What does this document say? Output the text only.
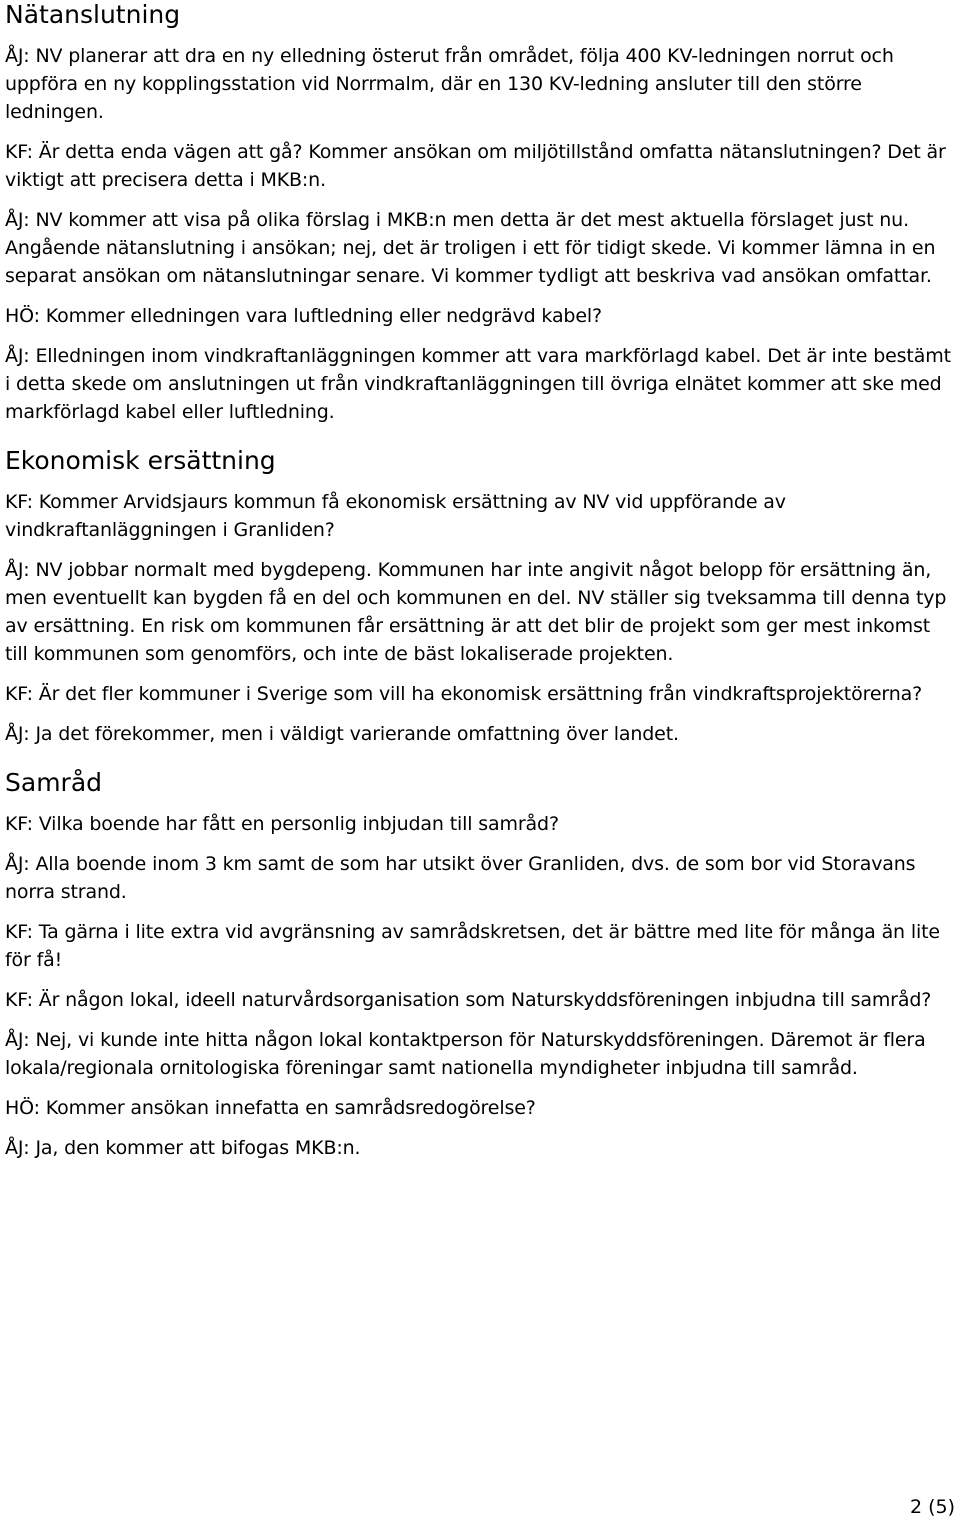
Nätanslutning

ÅJ: NV planerar att dra en ny elledning österut från området, följa 400 KV-ledningen norrut och uppföra en ny kopplingsstation vid Norrmalm, där en 130 KV-ledning ansluter till den större ledningen.

KF: Är detta enda vägen att gå? Kommer ansökan om miljötillstånd omfatta nätanslutningen? Det är viktigt att precisera detta i MKB:n.

ÅJ: NV kommer att visa på olika förslag i MKB:n men detta är det mest aktuella förslaget just nu. Angående nätanslutning i ansökan; nej, det är troligen i ett för tidigt skede. Vi kommer lämna in en separat ansökan om nätanslutningar senare. Vi kommer tydligt att beskriva vad ansökan omfattar.

HÖ: Kommer elledningen vara luftledning eller nedgrävd kabel?

ÅJ: Elledningen inom vindkraftanläggningen kommer att vara markförlagd kabel. Det är inte bestämt i detta skede om anslutningen ut från vindkraftanläggningen till övriga elnätet kommer att ske med markförlagd kabel eller luftledning.

Ekonomisk ersättning

KF: Kommer Arvidsjaurs kommun få ekonomisk ersättning av NV vid uppförande av vindkraftanläggningen i Granliden?

ÅJ: NV jobbar normalt med bygdepeng. Kommunen har inte angivit något belopp för ersättning än, men eventuellt kan bygden få en del och kommunen en del. NV ställer sig tveksamma till denna typ av ersättning. En risk om kommunen får ersättning är att det blir de projekt som ger mest inkomst till kommunen som genomförs, och inte de bäst lokaliserade projekten.

KF: Är det fler kommuner i Sverige som vill ha ekonomisk ersättning från vindkraftsprojektörerna?

ÅJ: Ja det förekommer, men i väldigt varierande omfattning över landet.

Samråd

KF: Vilka boende har fått en personlig inbjudan till samråd?

ÅJ: Alla boende inom 3 km samt de som har utsikt över Granliden, dvs. de som bor vid Storavans norra strand.

KF: Ta gärna i lite extra vid avgränsning av samrådskretsen, det är bättre med lite för många än lite för få!

KF: Är någon lokal, ideell naturvårdsorganisation som Naturskyddsföreningen inbjudna till samråd?

ÅJ: Nej, vi kunde inte hitta någon lokal kontaktperson för Naturskyddsföreningen. Däremot är flera lokala/regionala ornitologiska föreningar samt nationella myndigheter inbjudna till samråd.

HÖ: Kommer ansökan innefatta en samrådsredogörelse?

ÅJ: Ja, den kommer att bifogas MKB:n.

2 (5)
